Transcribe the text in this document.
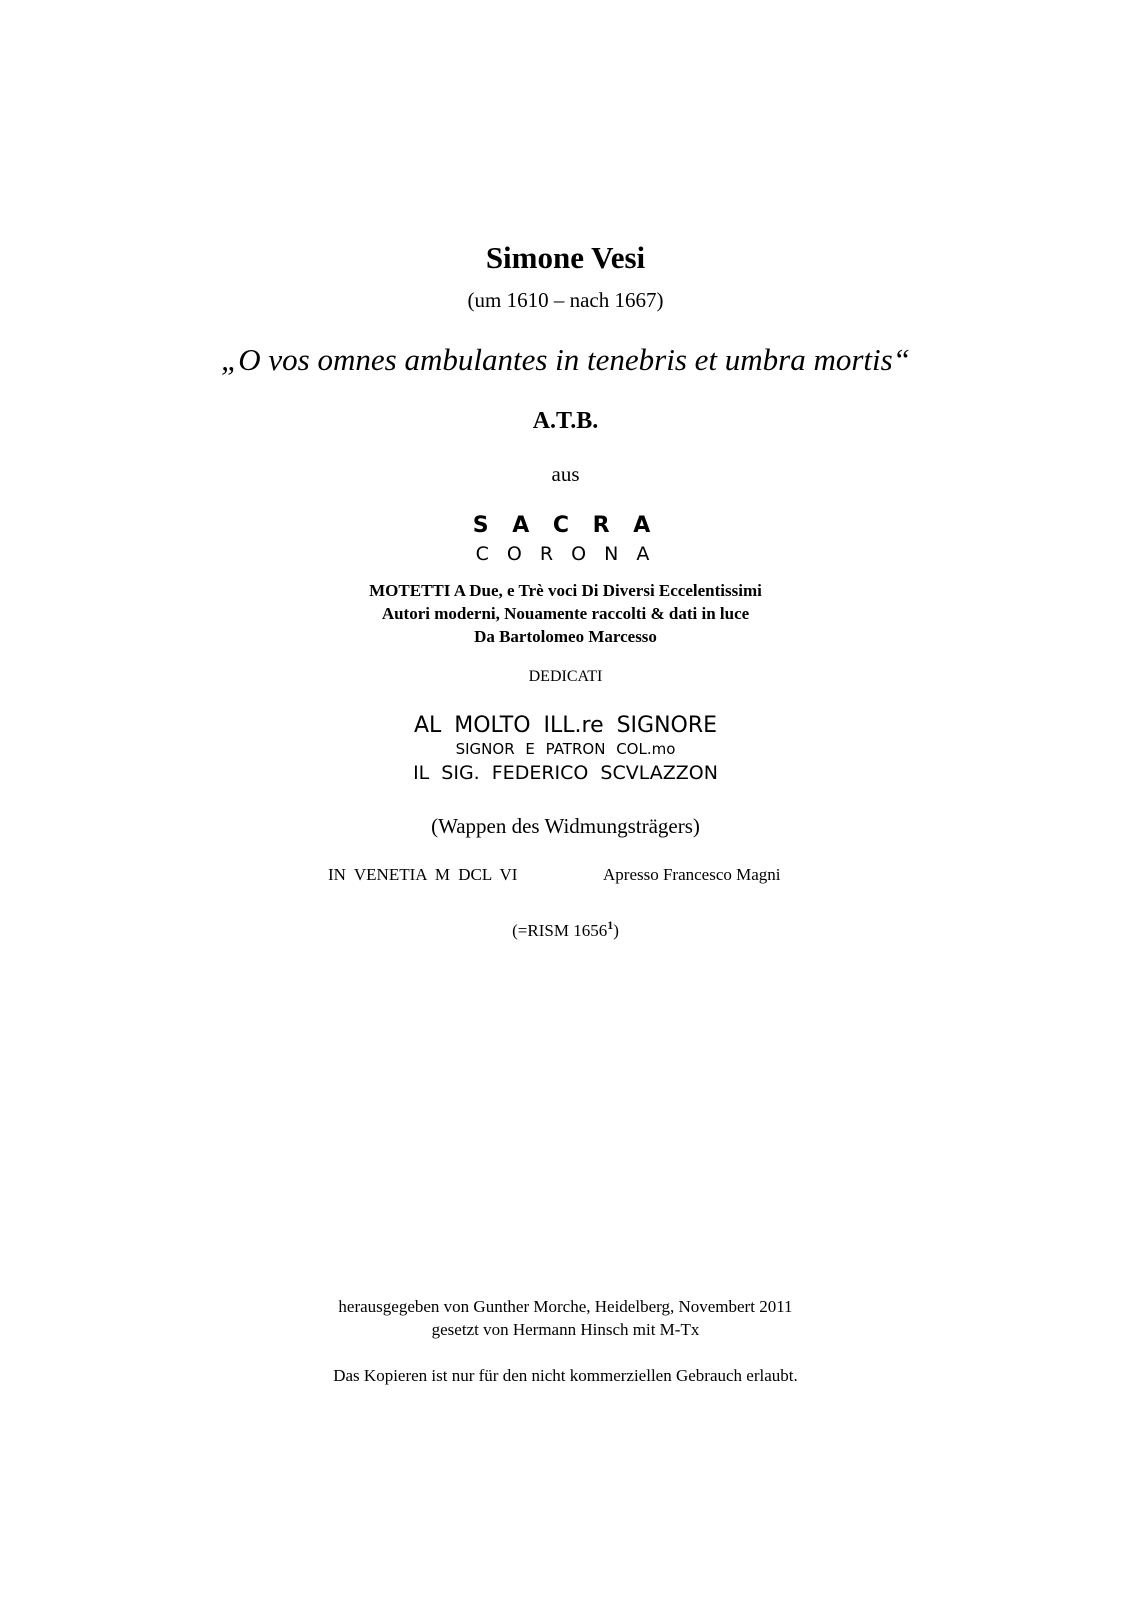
Simone Vesi
(um 1610 – nach 1667)
„O vos omnes ambulantes in tenebris et umbra mortis“
A.T.B.
aus
S A C R A
C O R O N A
MOTETTI A Due, e Trè voci Di Diversi Eccelentissimi
Autori moderni, Nouamente raccolti & dati in luce
Da Bartolomeo Marcesso
DEDICATI
AL MOLTO ILL.re SIGNORE
SIGNOR E PATRON COL.mo
IL SIG. FEDERICO SCVLAZZON
(Wappen des Widmungsträgers)
IN VENETIA M DCL VI	Apresso Francesco Magni
(=RISM 1656$^1$)
herausgegeben von Gunther Morche, Heidelberg, Novembert 2011
gesetzt von Hermann Hinsch mit M-Tx
Das Kopieren ist nur für den nicht kommerziellen Gebrauch erlaubt.
